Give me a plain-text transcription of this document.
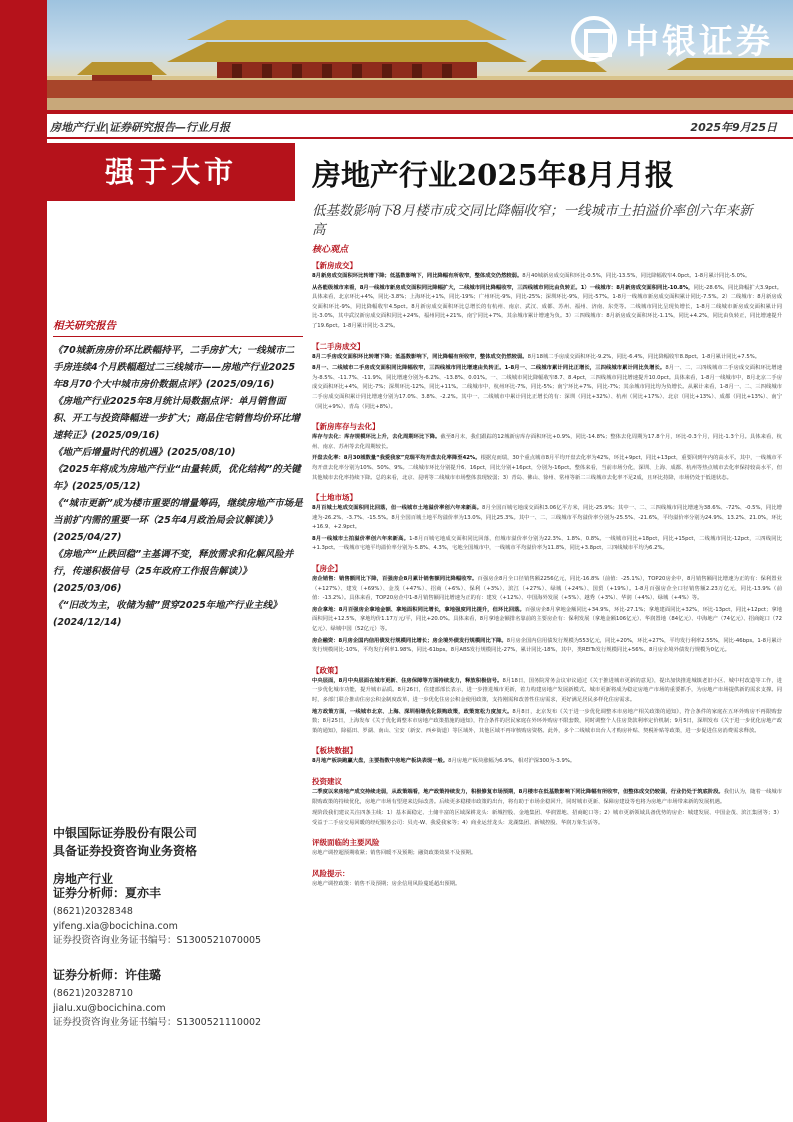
中银证券
房地产行业|证券研究报告—行业月报	2025年9月25日
强于大市	房地产行业2025年8月月报
低基数影响下8月楼市成交同比降幅收窄；一线城市土拍溢价率创六年来新高
核心观点
【新房成交】
8月新房成交面积环比转增下降；低基数影响下，同比降幅有所收窄，整体成交仍然较弱。8月40城新房成交面积环比-0.5%，同比-13.5%，同比降幅收窄4.0pct。1-8月累计同比-5.0%。
从各能级城市来看，8月一线城市新房成交面积同比降幅扩大，二线城市同比降幅收窄，三四线城市同比由负转正。1）一线城市：8月新房成交面积同比-10.8%，同比-28.6%，同比降幅扩大3.9pct。具体来看，北京环比+4%，同比-3.8%；上海环比+1%，同比-19%；广州环比-9%，同比-25%；深圳环比-9%，同比-57%。1-8月一线城市新房成交面积累计同比-7.5%。2）二线城市：8月新房成交面积环比-9%，同比降幅收窄4.5pct。8月新房成交面积环比总增长的有杭州、南京、武汉、成都、苏州、福州、济南、东莞等。二线城市同比呈现负增长，1-8月二线城市新房成交面积累计同比-3.0%，其中武汉新房成交面积同比+24%，福州同比+21%，南宁同比+7%，其余城市累计增速为负。3）三四线城市：8月新房成交面积环比-1.1%，同比+4.2%，同比由负转正，同比增速提升了19.6pct。1-8月累计同比-3.2%。
【二手房成交】
8月二手房成交面积环比转增下降；低基数影响下，同比降幅有所收窄，整体成交仍然较弱。8月18城二手房成交面积环比-9.2%，同比-6.4%，同比降幅收窄8.8pct。1-8月累计同比+7.5%。
8月一、二线城市二手房成交面积同比降幅收窄，三四线城市同比增速由负转正。1-8月一、二线城市累计同比正增长，三四线城市累计同比负增长。8月一、二、三四线城市二手房成交面积环比增速为-8.5%、-11.7%、-11.9%，同比增速分别为-6.2%、-13.8%、0.01%。一、二线城市同比降幅收窄8.7、8.4pct，三四线城市同比增速提升10.0pct。具体来看，1-8月一线城市中，8月北京二手房成交面积环比+4%，同比-7%；深圳环比-12%，同比+11%。二线城市中，杭州环比-7%，同比-5%；南宁环比+7%，同比-7%；其余城市同比均为负增长。从累计来看，1-8月一、二、三四线城市二手房成交面积累计同比增速分别为17.0%、3.8%、-2.2%。其中一、二线城市中累计同比正增长的有：深圳（同比+32%）、杭州（同比+17%）、北京（同比+13%）、成都（同比+13%）、南宁（同比+9%）、青岛（同比+8%）。
【新房库存与去化】
库存与去化：库存规模环比上升，去化周期环比下降。截至8月末，我们跟踪的12城新房库存面积环比+0.9%，同比-14.8%；整体去化周期为17.8个月，环比-0.3个月，同比-1.3个月。具体来看，杭州、南京、苏州等去化周期较长。
开盘去化率：8月30城数量“我爱我家”克瑞平均开盘去化率降至42%。根据克而瑞，30个重点城市8月平均开盘去化率为42%，环比+9pct，同比+13pct，重要回到年内的高水平。其中，一线城市平均开盘去化率分别为10%、50%、9%。二线城市环比分别提升6、16pct，同比分别+16pct，分别为-16pct。整体来看，当前市场分化，深圳、上海、成都、杭州等热点城市去化率保持较高水平，但其他城市去化率持续下降。总的来看，北京、昆明等二线城市市场整体表现较弱；3）青岛、佛山、徐州、常州等新二三线城市去化率不足2成，且环比持降，市场仍处于低迷状态。
【土地市场】
8月百城土地成交面积同比回落，但一线城市土地溢价率创六年来新高。8月全国百城宅地成交面积3.06亿平方米，同比-25.9%；其中一、二、三四线城市同比增速为38.6%、-72%、-0.5%，同比增速为-26.2%、-3.7%、-15.5%。8月全国百城土地平均溢价率为13.0%，同比25.3%。其中一、二、三线城市平均溢价率分别为-25.5%、-21.6%，平均溢价率分别为24.9%、13.2%、21.0%，环比+16.9、+2.9pct。
8月一线城市土拍溢价率创六年来新高。1-8月百城宅地成交面积同比回落，但城市溢价率分别为22.3%、1.8%、0.8%。一线城市同比+18pct，同比+15pct，二线城市同比-12pct，三四线同比+1.3pct。一线城市宅地平均溢价率分别为-5.8%、4.3%，宅地全国城市中，一线城市平均溢价率为11.8%，同比+3.8pct，三四线城市平均为6.2%。
【房企】
房企销售：销售额同比下降，百强房企8月累计销售额同比降幅收窄。百强房企8月全口径销售额2256亿元，同比-16.8%（前值：-25.1%），TOP20房企中，8月销售额同比增速为正的有：保利置业（+127%）、建发（+69%）、金茂（+47%）、招商（+6%）、保利（+3%）、滨江（+27%）、绿城（+24%）、国贸（+19%）。1-8月百强房企全口径销售额2.23万亿元，同比-13.9%（前值：-13.2%）。具体来看，TOP20房企中1-8月销售额同比增速为正的有：建发（+12%）、中国海外发展（+5%）、越秀（+3%）、华润（+4%）、绿城（+4%）等。
房企拿地：8月百强房企拿地金额、拿地面积同比增长，拿地强度同比提升，但环比回落。百强房企8月拿地金额同比+34.9%，环比-27.1%；拿地建面同比+32%，环比-13pct，同比+12pct；拿地面积同比+12.5%，拿地均价1.17万元/平，同比+20.0%。具体来看，8月拿地金额排名靠前的主要房企有：保利发展（拿地金额106亿元）、华润置地（84亿元）、中海地产（74亿元）、招商蛇口（72亿元）、绿城中国（52亿元）等。
房企融资：8月房企国内信用债发行规模同比增长；房企境外债发行规模同比下降。8月房企国内信用债发行规模为553亿元，同比+20%，环比+27%，平均发行利率2.55%，同比-46bps。1-8月累计发行规模同比-10%，平均发行利率1.98%，同比-61bps。8月ABS发行规模同比-27%，累计同比-18%，其中，类REITs发行规模同比+56%。8月房企境外债发行规模为0亿元。
【政策】
中央层面，8月中央层面在城市更新、住房保障等方面持续发力，释放积极信号。8月18日，国务院常务会议审议通过《关于推进城市更新的意见》，提出加快推进城镇老旧小区、城中村改造等工作，进一步优化城市功能，提升城市品质。8月26日，住建部部长表示，进一步推进城市更新，着力构建房地产发展新模式。城市更新将成为稳定房地产市场的重要抓手，为房地产市场提供新的需求支撑。同时，多部门联合推动住房公积金制度改革，进一步优化住房公积金使用政策，支持刚需和改善性住房需求，更好满足居民多样化住房需求。
地方政策方面，一线城市北京、上海、深圳相继优化限购政策，政策宽松力度加大。8月8日，北京发布《关于进一步优化调整本市房地产相关政策的通知》，符合条件的家庭在五环外购房不再限购套数；8月25日，上海发布《关于优化调整本市房地产政策措施的通知》，符合条件的居民家庭在外环外购房不限套数，同时调整个人住房贷款利率定价机制；9月5日，深圳发布《关于进一步优化房地产政策的通知》，除福田、罗湖、南山、宝安（新安、西乡街道）等区域外，其他区域不再审核购房资格。此外，多个二线城市出台人才购房补贴、契税补贴等政策，进一步促进住房消费需求释放。
【板块数据】
8月地产板块跑赢大盘，主要指数中房地产板块表现一般。8月房地产板块涨幅为6.9%，相对沪深300为-3.9%。
投资建议
二季度以来房地产成交持续走弱，从政策端看，地产政策持续发力，积极修复市场预期，8月楼市在低基数影响下同比降幅有所收窄，但整体成交仍较弱，行业仍处于筑底阶段。我们认为，随着一线城市限购政策的持续优化，房地产市场有望迎来边际改善。后续更多稳楼市政策的出台，将有助于市场企稳回升，同时城市更新、保障房建设等也将为房地产市场带来新的发展机遇。
现阶段我们建议关注四条主线：1）基本面稳定、土储丰富的区域深耕龙头：新城控股、金地集团、华润置地、招商蛇口等；2）城市更新领域具备优势的房企：城建发展、中国金茂、滨江集团等；3）受益于二手房交易回暖的经纪服务公司：贝壳-W、我爱我家等；4）商业运营龙头：龙湖集团、新城控股、华润万象生活等。
评级面临的主要风险
房地产调控超预期收紧；销售回暖不及预期；融资政策效果不及预期。
风险提示：
房地产调控政策：销售不及预期；房企信用风险蔓延超出预期。
相关研究报告
《70城新房房价环比跌幅持平，二手房扩大；一线城市二手房连续4个月跌幅超过二三线城市——房地产行业2025年8月70个大中城市房价数据点评》(2025/09/16)
《房地产行业2025年8月统计局数据点评：单月销售面积、开工与投资降幅进一步扩大；商品住宅销售均价环比增速转正》(2025/09/16)
《地产后增量时代的机遇》(2025/08/10)
《2025年将成为房地产行业“由量转质，优化结构”的关键年》(2025/05/12)
《“城市更新”成为楼市重要的增量筹码，继续房地产市场是当前扩内需的重要一环（25年4月政治局会议解读）》(2025/04/27)
《房地产“止跌回稳”主基调不变，释放需求和化解风险并行，传递积极信号（25年政府工作报告解读）》(2025/03/06)
《“旧改为主，收储为辅”贯穿2025年地产行业主线》(2024/12/14)
中银国际证券股份有限公司
具备证券投资咨询业务资格
房地产行业
证券分析师：夏亦丰
(8621)20328348
yifeng.xia@bocichina.com
证券投资咨询业务证书编号：S1300521070005
证券分析师：许佳璐
(8621)20328710
jialu.xu@bocichina.com
证券投资咨询业务证书编号：S1300521110002
